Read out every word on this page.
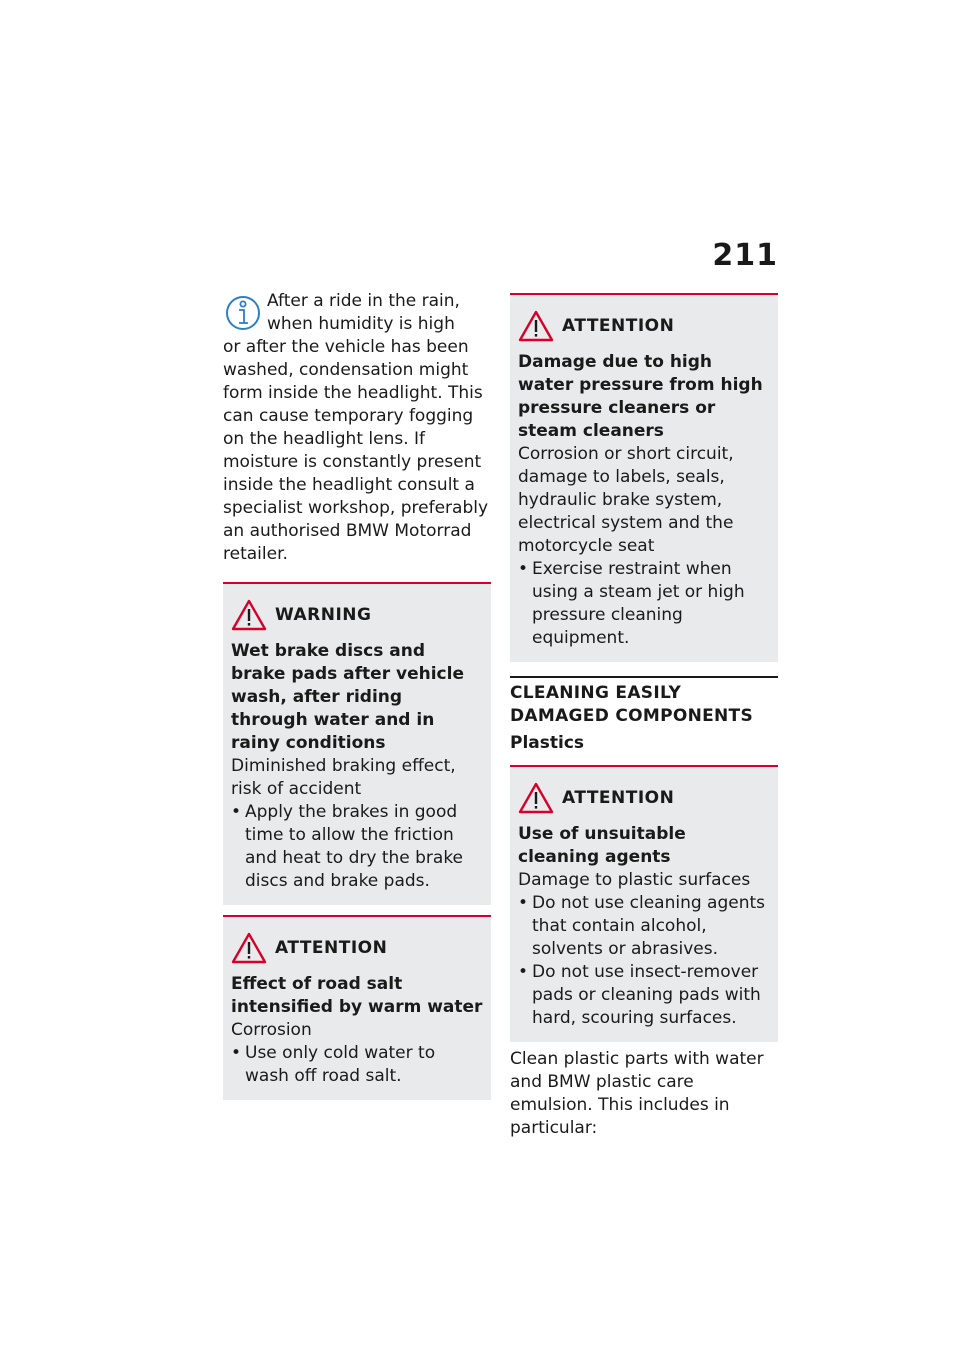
211

After a ride in the rain,
when humidity is high
or after the vehicle has been washed, condensation might form inside the headlight. This can cause temporary fogging on the headlight lens. If moisture is constantly present inside the headlight consult a specialist workshop, preferably an authorised BMW Motorrad retailer.

WARNING

Wet brake discs and brake pads after vehicle wash, after riding through water and in rainy conditions

Diminished braking effect, risk of accident

• Apply the brakes in good time to allow the friction and heat to dry the brake discs and brake pads.
ATTENTION

Effect of road salt intensified by warm water

Corrosion

• Use only cold water to wash off road salt.
ATTENTION

Damage due to high water pressure from high pressure cleaners or steam cleaners

Corrosion or short circuit, damage to labels, seals, hydraulic brake system, electrical system and the motorcycle seat

• Exercise restraint when using a steam jet or high pressure cleaning equipment.
CLEANING EASILY DAMAGED COMPONENTS
Plastics
ATTENTION

Use of unsuitable cleaning agents

Damage to plastic surfaces

• Do not use cleaning agents that contain alcohol, solvents or abrasives.
• Do not use insect-remover pads or cleaning pads with hard, scouring surfaces.

Clean plastic parts with water and BMW plastic care emulsion. This includes in particular:
